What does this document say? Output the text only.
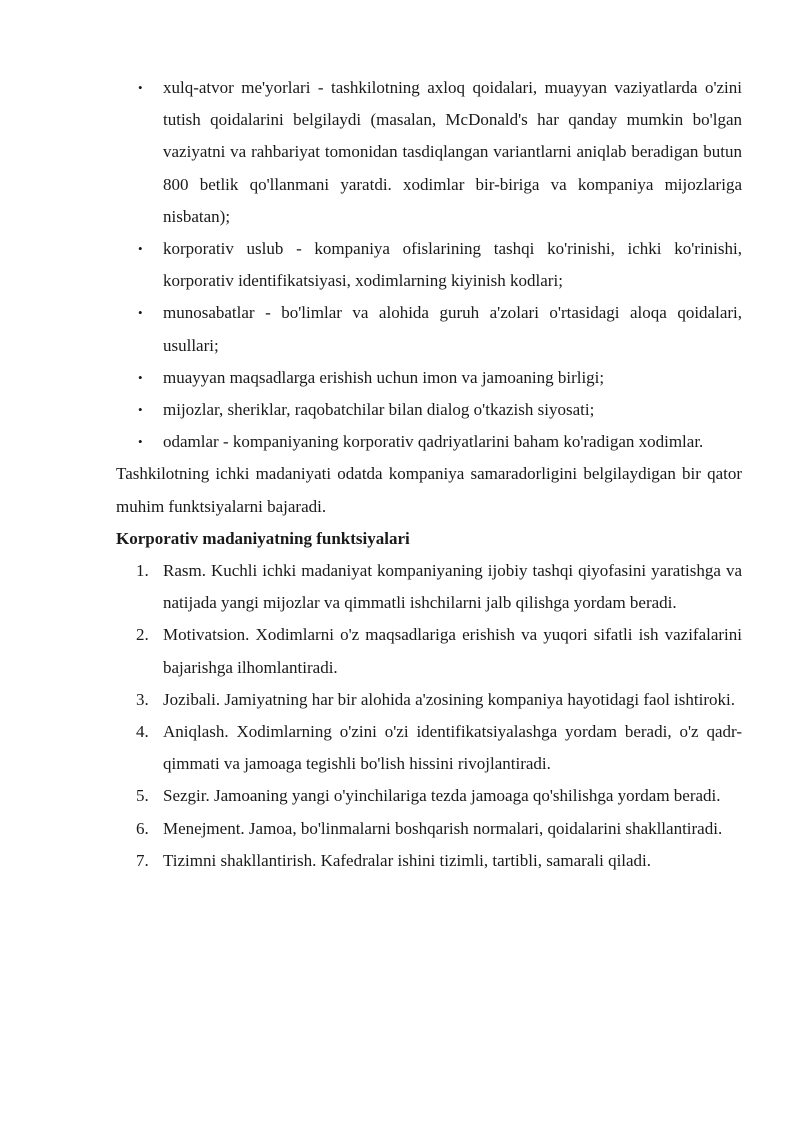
• xulq-atvor me'yorlari - tashkilotning axloq qoidalari, muayyan vaziyatlarda o'zini tutish qoidalarini belgilaydi (masalan, McDonald's har qanday mumkin bo'lgan vaziyatni va rahbariyat tomonidan tasdiqlangan variantlarni aniqlab beradigan butun 800 betlik qo'llanmani yaratdi. xodimlar bir-biriga va kompaniya mijozlariga nisbatan);
• korporativ uslub - kompaniya ofislarining tashqi ko'rinishi, ichki ko'rinishi, korporativ identifikatsiyasi, xodimlarning kiyinish kodlari;
• munosabatlar - bo'limlar va alohida guruh a'zolari o'rtasidagi aloqa qoidalari, usullari;
• muayyan maqsadlarga erishish uchun imon va jamoaning birligi;
• mijozlar, sheriklar, raqobatchilar bilan dialog o'tkazish siyosati;
• odamlar - kompaniyaning korporativ qadriyatlarini baham ko'radigan xodimlar.

Tashkilotning ichki madaniyati odatda kompaniya samaradorligini belgilaydigan bir qator muhim funktsiyalarni bajaradi.

Korporativ madaniyatning funktsiyalari
1. Rasm. Kuchli ichki madaniyat kompaniyaning ijobiy tashqi qiyofasini yaratishga va natijada yangi mijozlar va qimmatli ishchilarni jalb qilishga yordam beradi.
2. Motivatsion. Xodimlarni o'z maqsadlariga erishish va yuqori sifatli ish vazifalarini bajarishga ilhomlantiradi.
3. Jozibali. Jamiyatning har bir alohida a'zosining kompaniya hayotidagi faol ishtiroki.
4. Aniqlash. Xodimlarning o'zini o'zi identifikatsiyalashga yordam beradi, o'z qadr-qimmati va jamoaga tegishli bo'lish hissini rivojlantiradi.
5. Sezgir. Jamoaning yangi o'yinchilariga tezda jamoaga qo'shilishga yordam beradi.
6. Menejment. Jamoa, bo'linmalarni boshqarish normalari, qoidalarini shakllantiradi.
7. Tizimni shakllantirish. Kafedralar ishini tizimli, tartibli, samarali qiladi.
